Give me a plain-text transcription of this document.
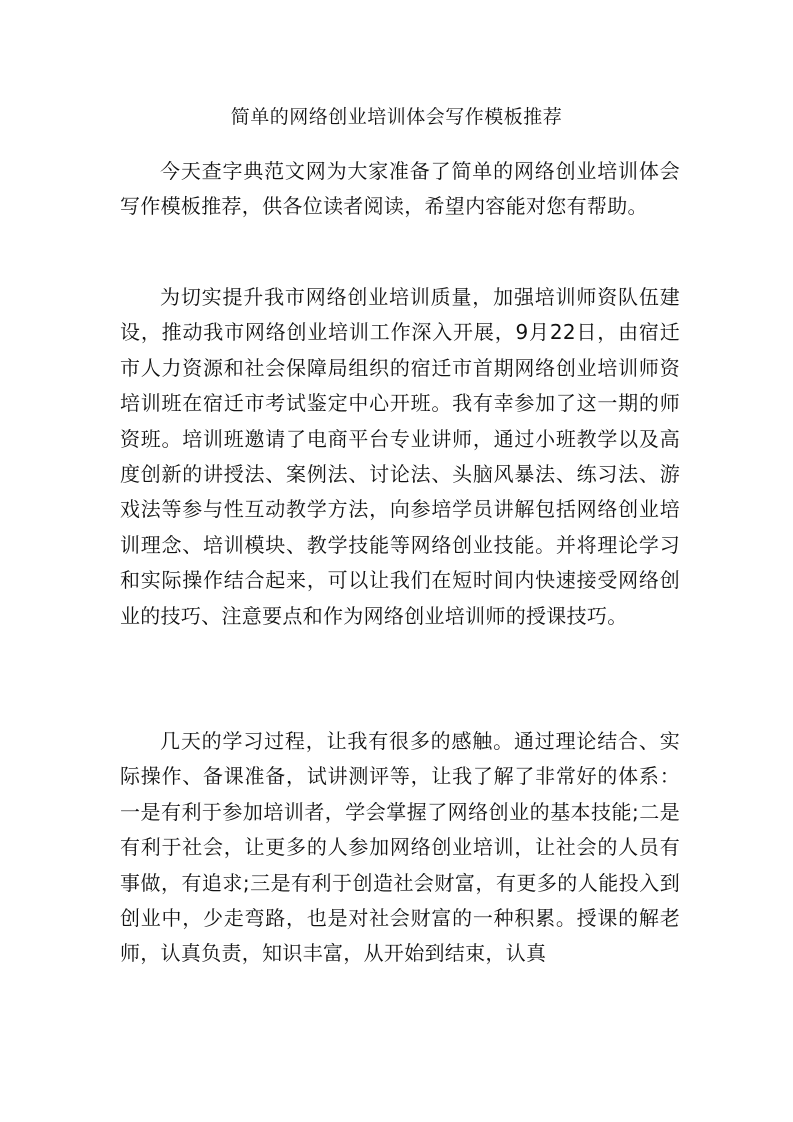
简单的网络创业培训体会写作模板推荐

今天查字典范文网为大家准备了简单的网络创业培训体会写作模板推荐，供各位读者阅读，希望内容能对您有帮助。

为切实提升我市网络创业培训质量，加强培训师资队伍建设，推动我市网络创业培训工作深入开展，9月22日，由宿迁市人力资源和社会保障局组织的宿迁市首期网络创业培训师资培训班在宿迁市考试鉴定中心开班。我有幸参加了这一期的师资班。培训班邀请了电商平台专业讲师，通过小班教学以及高度创新的讲授法、案例法、讨论法、头脑风暴法、练习法、游戏法等参与性互动教学方法，向参培学员讲解包括网络创业培训理念、培训模块、教学技能等网络创业技能。并将理论学习和实际操作结合起来，可以让我们在短时间内快速接受网络创业的技巧、注意要点和作为网络创业培训师的授课技巧。

几天的学习过程，让我有很多的感触。通过理论结合、实际操作、备课准备，试讲测评等，让我了解了非常好的体系：一是有利于参加培训者，学会掌握了网络创业的基本技能;二是有利于社会，让更多的人参加网络创业培训，让社会的人员有事做，有追求;三是有利于创造社会财富，有更多的人能投入到创业中，少走弯路，也是对社会财富的一种积累。授课的解老师，认真负责，知识丰富，从开始到结束，认真
